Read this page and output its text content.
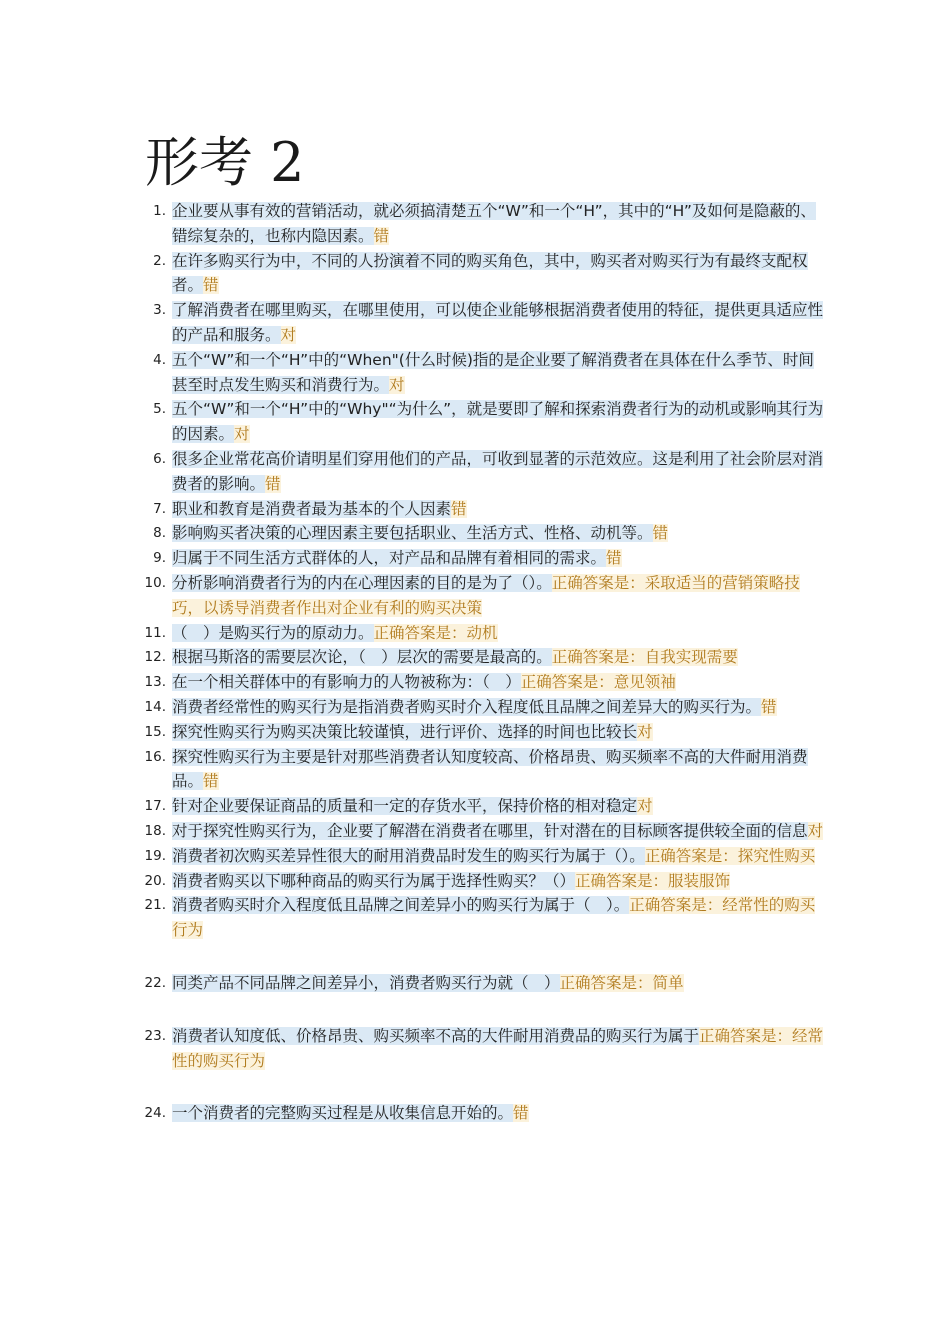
形考 2
1. 企业要从事有效的营销活动，就必须搞清楚五个“W”和一个“H”，其中的“H”及如何是隐蔽的、错综复杂的，也称内隐因素。错
2. 在许多购买行为中，不同的人扮演着不同的购买角色，其中，购买者对购买行为有最终支配权者。错
3. 了解消费者在哪里购买，在哪里使用，可以使企业能够根据消费者使用的特征，提供更具适应性的产品和服务。对
4. 五个“W”和一个“H”中的“When"(什么时候)指的是企业要了解消费者在具体在什么季节、时间甚至时点发生购买和消费行为。对
5. 五个“W”和一个“H”中的“Why"“为什么”，就是要即了解和探索消费者行为的动机或影响其行为的因素。对
6. 很多企业常花高价请明星们穿用他们的产品，可收到显著的示范效应。这是利用了社会阶层对消费者的影响。错
7. 职业和教育是消费者最为基本的个人因素错
8. 影响购买者决策的心理因素主要包括职业、生活方式、性格、动机等。错
9. 归属于不同生活方式群体的人，对产品和品牌有着相同的需求。错
10. 分析影响消费者行为的内在心理因素的目的是为了（）。正确答案是：采取适当的营销策略技巧，以诱导消费者作出对企业有利的购买决策
11. （　）是购买行为的原动力。正确答案是：动机
12. 根据马斯洛的需要层次论，（　）层次的需要是最高的。正确答案是：自我实现需要
13. 在一个相关群体中的有影响力的人物被称为：（　）正确答案是：意见领袖
14. 消费者经常性的购买行为是指消费者购买时介入程度低且品牌之间差异大的购买行为。错
15. 探究性购买行为购买决策比较谨慎，进行评价、选择的时间也比较长对
16. 探究性购买行为主要是针对那些消费者认知度较高、价格昂贵、购买频率不高的大件耐用消费品。错
17. 针对企业要保证商品的质量和一定的存货水平，保持价格的相对稳定对
18. 对于探究性购买行为，企业要了解潜在消费者在哪里，针对潜在的目标顾客提供较全面的信息对
19. 消费者初次购买差异性很大的耐用消费品时发生的购买行为属于（）。正确答案是：探究性购买
20. 消费者购买以下哪种商品的购买行为属于选择性购买？（）正确答案是：服装服饰
21. 消费者购买时介入程度低且品牌之间差异小的购买行为属于（　）。正确答案是：经常性的购买行为
22. 同类产品不同品牌之间差异小，消费者购买行为就（　）正确答案是：简单
23. 消费者认知度低、价格昂贵、购买频率不高的大件耐用消费品的购买行为属于正确答案是：经常性的购买行为
24. 一个消费者的完整购买过程是从收集信息开始的。错
